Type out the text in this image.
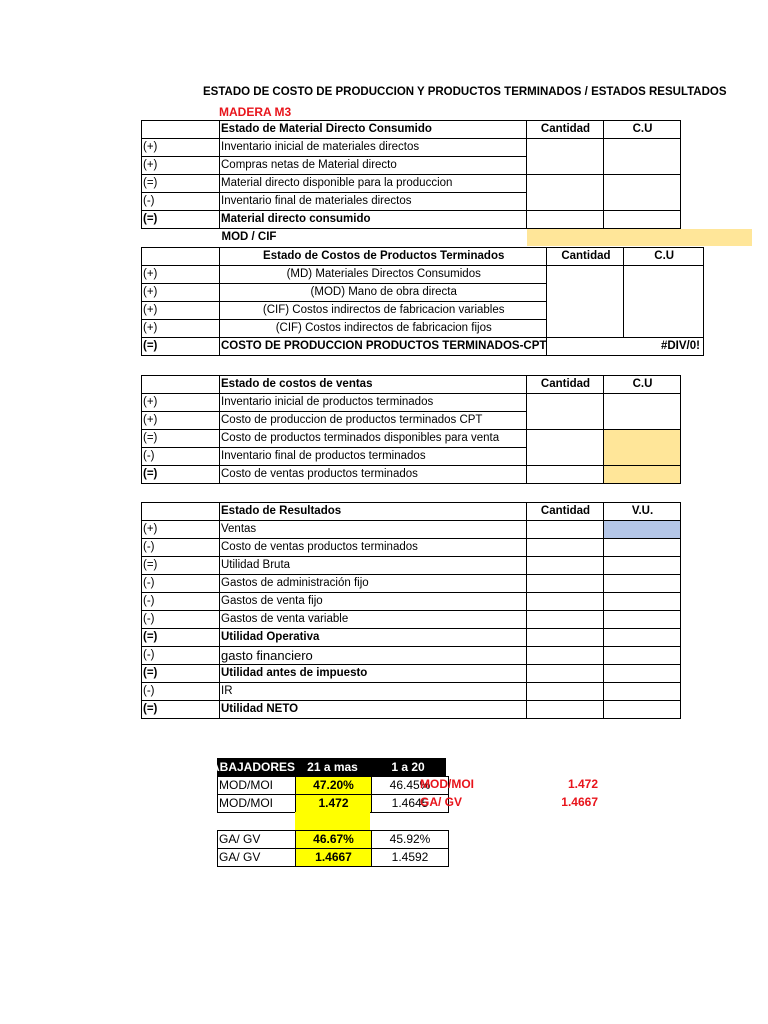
ESTADO DE COSTO DE PRODUCCION Y PRODUCTOS TERMINADOS / ESTADOS RESULTADOS
MADERA M3
	Estado de Material Directo Consumido	Cantidad	C.U
(+)	Inventario inicial de materiales directos		
(+)	Compras netas de Material directo		
(=)	Material directo disponible para la produccion		
(-)	Inventario final de materiales directos		
(=)	Material directo consumido		
	MOD / CIF		
	Estado de Costos de Productos Terminados	Cantidad	C.U
(+)	(MD) Materiales Directos Consumidos		
(+)	(MOD) Mano de obra directa		
(+)	(CIF) Costos indirectos de fabricacion variables		
(+)	(CIF) Costos indirectos de fabricacion fijos		
(=)	COSTO DE PRODUCCION PRODUCTOS TERMINADOS-CPT		#DIV/0!
	Estado de costos de ventas	Cantidad	C.U
(+)	Inventario inicial de productos terminados		
(+)	Costo de produccion de productos terminados CPT		
(=)	Costo de productos terminados disponibles para venta		
(-)	Inventario final de productos terminados		
(=)	Costo de ventas productos terminados		
	Estado de Resultados	Cantidad	V.U.
(+)	Ventas		
(-)	Costo de ventas productos terminados		
(=)	Utilidad Bruta		
(-)	Gastos de administración fijo		
(-)	Gastos de venta fijo		
(-)	Gastos de venta variable		
(=)	Utilidad Operativa		
(-)	gasto financiero		
(=)	Utilidad antes de impuesto		
(-)	IR		
(=)	Utilidad NETO		
TRABAJADORES	21 a mas	1 a 20
MOD/MOI	47.20%	46.45%
MOD/MOI	1.472	1.4645
MOD/MOI	1.472
GA/ GV	1.4667
GA/ GV	46.67%	45.92%
GA/ GV	1.4667	1.4592
